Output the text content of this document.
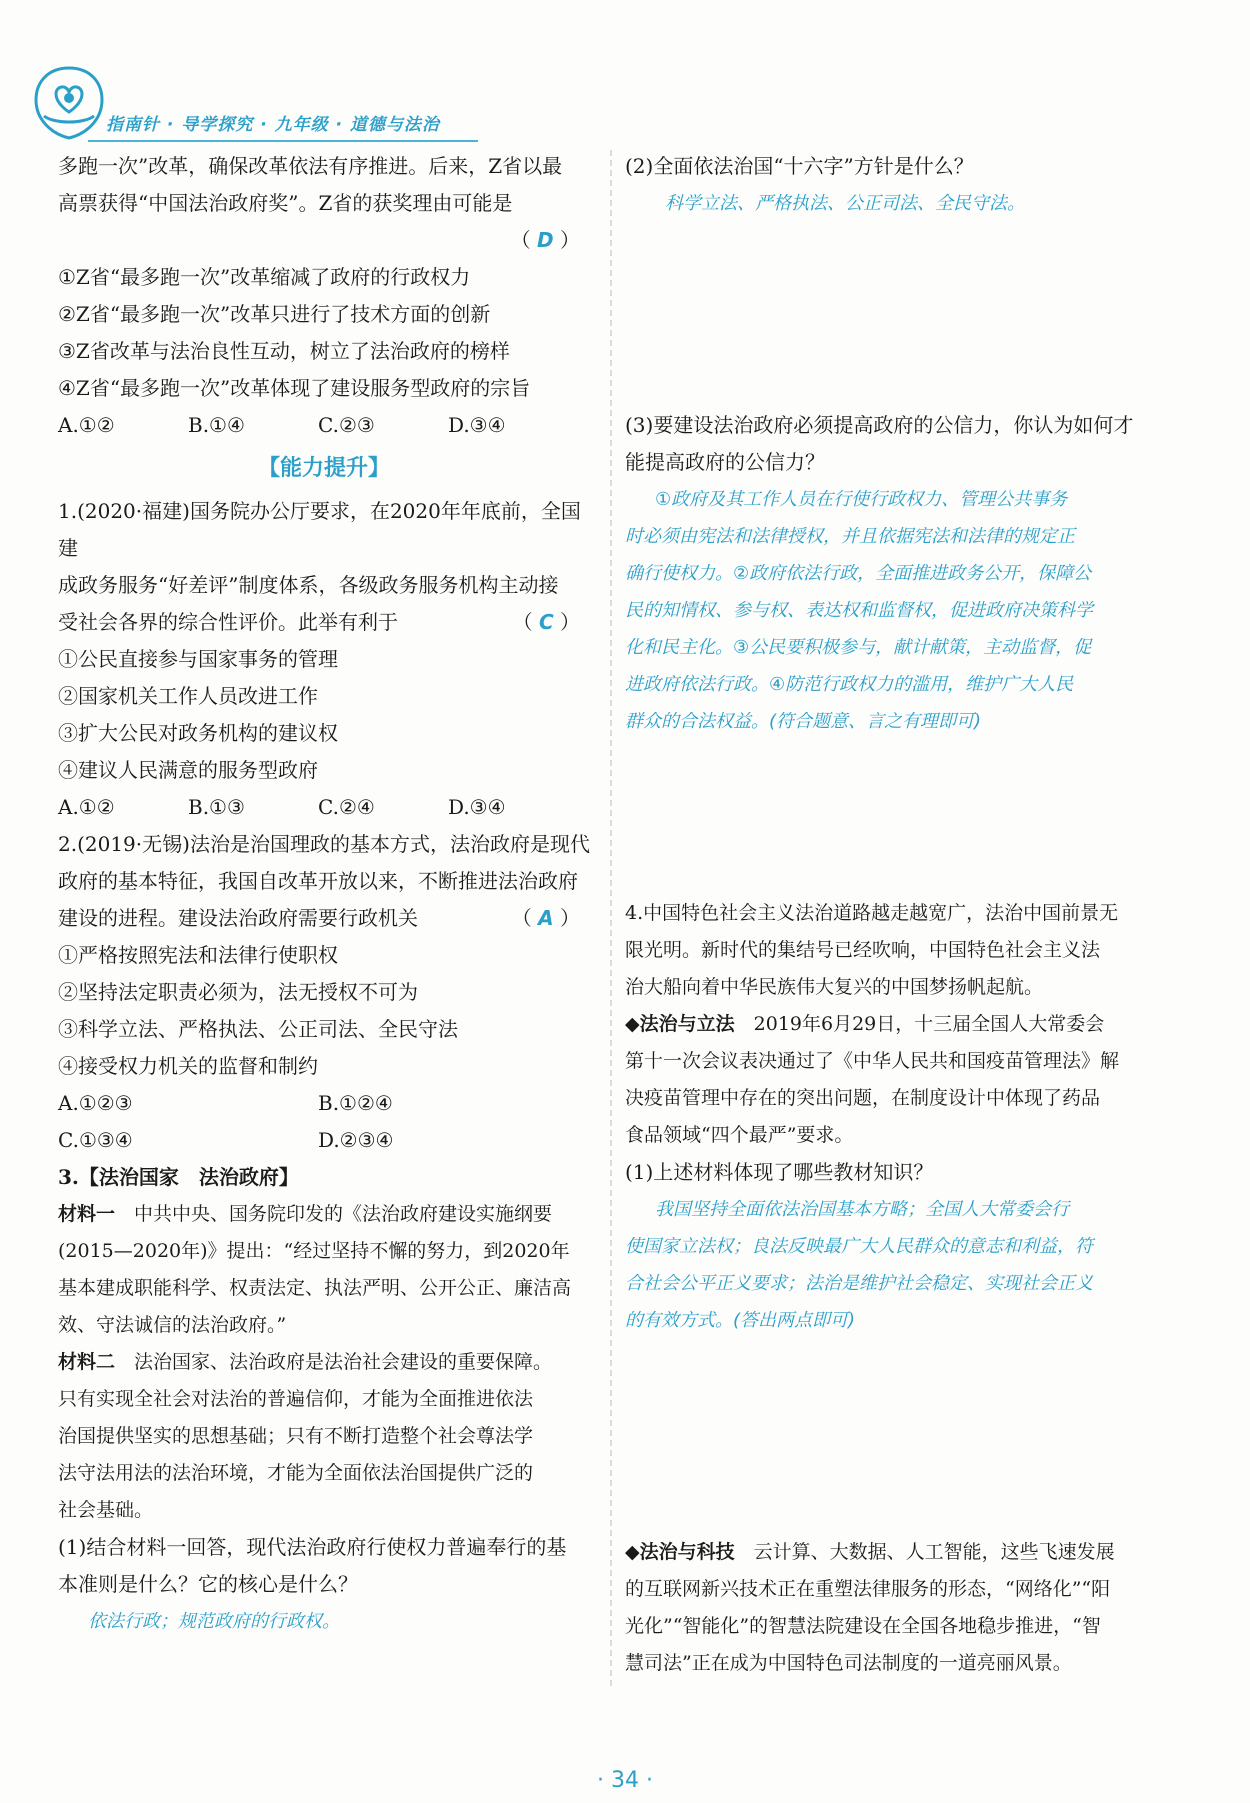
指南针 · 导学探究 · 九年级 · 道德与法治

多跑一次”改革，确保改革依法有序推进。后来，Z省以最

高票获得“中国法治政府奖”。Z省的获奖理由可能是

（ D ）

①Z省“最多跑一次”改革缩减了政府的行政权力

②Z省“最多跑一次”改革只进行了技术方面的创新

③Z省改革与法治良性互动，树立了法治政府的榜样

④Z省“最多跑一次”改革体现了建设服务型政府的宗旨

A.①②	B.①④	C.②③	D.③④
【能力提升】

1.(2020·福建)国务院办公厅要求，在2020年年底前，全国建

成政务服务“好差评”制度体系，各级政务服务机构主动接

受社会各界的综合性评价。此举有利于	（ C ）

①公民直接参与国家事务的管理

②国家机关工作人员改进工作

③扩大公民对政务机构的建议权

④建议人民满意的服务型政府

A.①②	B.①③	C.②④	D.③④

2.(2019·无锡)法治是治国理政的基本方式，法治政府是现代

政府的基本特征，我国自改革开放以来，不断推进法治政府

建设的进程。建设法治政府需要行政机关	（ A ）

①严格按照宪法和法律行使职权

②坚持法定职责必须为，法无授权不可为

③科学立法、严格执法、公正司法、全民守法

④接受权力机关的监督和制约

A.①②③	B.①②④
C.①③④	D.②③④

3.【法治国家　法治政府】

材料一　 中共中央、国务院印发的《法治政府建设实施纲要

(2015—2020年)》提出：“经过坚持不懈的努力，到2020年

基本建成职能科学、权责法定、执法严明、公开公正、廉洁高

效、守法诚信的法治政府。”

材料二　 法治国家、法治政府是法治社会建设的重要保障。

只有实现全社会对法治的普遍信仰，才能为全面推进依法

治国提供坚实的思想基础；只有不断打造整个社会尊法学

法守法用法的法治环境，才能为全面依法治国提供广泛的

社会基础。

(1)结合材料一回答，现代法治政府行使权力普遍奉行的基

本准则是什么？它的核心是什么？

依法行政；规范政府的行政权。

(2)全面依法治国“十六字”方针是什么？

科学立法、严格执法、公正司法、全民守法。

(3)要建设法治政府必须提高政府的公信力，你认为如何才

能提高政府的公信力？

①政府及其工作人员在行使行政权力、管理公共事务

时必须由宪法和法律授权，并且依据宪法和法律的规定正

确行使权力。②政府依法行政，全面推进政务公开，保障公

民的知情权、参与权、表达权和监督权，促进政府决策科学

化和民主化。③公民要积极参与，献计献策，主动监督，促

进政府依法行政。④防范行政权力的滥用，维护广大人民

群众的合法权益。(符合题意、言之有理即可)

4.中国特色社会主义法治道路越走越宽广，法治中国前景无

限光明。新时代的集结号已经吹响，中国特色社会主义法

治大船向着中华民族伟大复兴的中国梦扬帆起航。

◆法治与立法　 2019年6月29日，十三届全国人大常委会

第十一次会议表决通过了《中华人民共和国疫苗管理法》解

决疫苗管理中存在的突出问题，在制度设计中体现了药品

食品领域“四个最严”要求。

(1)上述材料体现了哪些教材知识？

我国坚持全面依法治国基本方略；全国人大常委会行

使国家立法权；良法反映最广大人民群众的意志和利益，符

合社会公平正义要求；法治是维护社会稳定、实现社会正义

的有效方式。(答出两点即可)

◆法治与科技　 云计算、大数据、人工智能，这些飞速发展

的互联网新兴技术正在重塑法律服务的形态，“网络化”“阳

光化”“智能化”的智慧法院建设在全国各地稳步推进，“智

慧司法”正在成为中国特色司法制度的一道亮丽风景。

· 34 ·
